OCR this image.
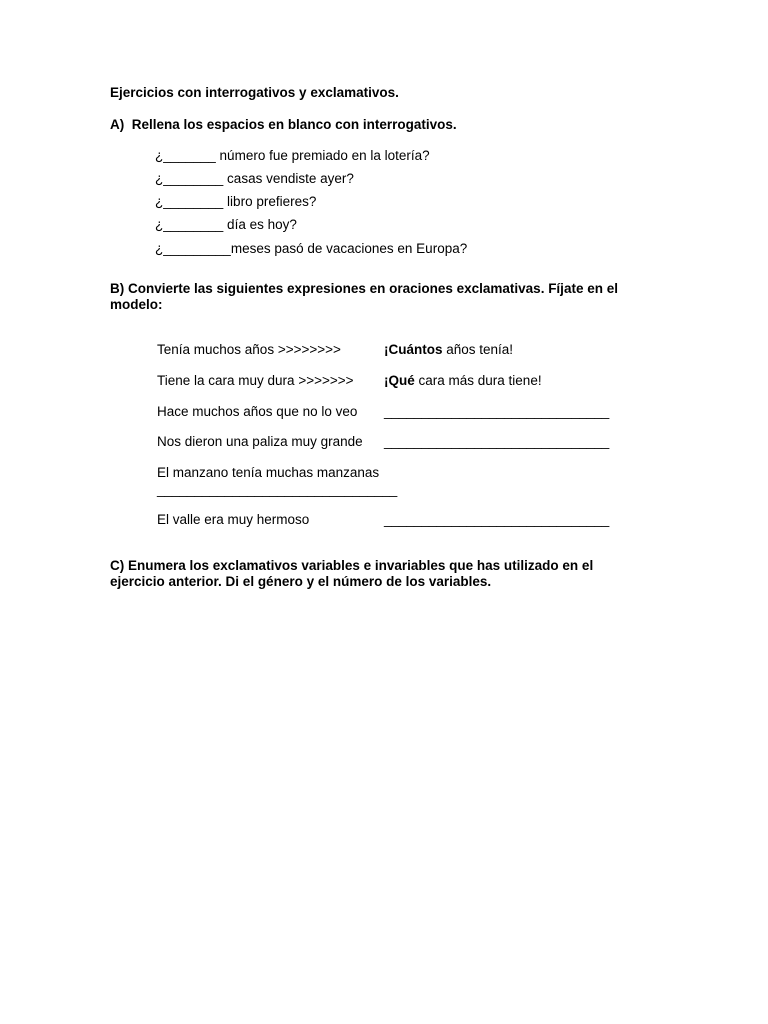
Ejercicios con interrogativos y exclamativos.
A)  Rellena los espacios en blanco con interrogativos.
¿_______ número fue premiado en la lotería?
¿________ casas vendiste ayer?
¿________ libro prefieres?
¿________ día es hoy?
¿_________meses pasó de vacaciones en Europa?
B) Convierte las siguientes expresiones en oraciones exclamativas. Fíjate en el
modelo:
Tenía muchos años >>>>>>>>	¡Cuántos años tenía!
Tiene la cara muy dura >>>>>>> ¡Qué cara más dura tiene!
Hace muchos años que no lo veo ______________________________
Nos dieron una paliza muy grande ______________________________
El manzano tenía muchas manzanas
________________________________
El valle era muy hermoso	______________________________
C) Enumera los exclamativos variables e invariables que has utilizado en el
ejercicio anterior. Di el género y el número de los variables.
